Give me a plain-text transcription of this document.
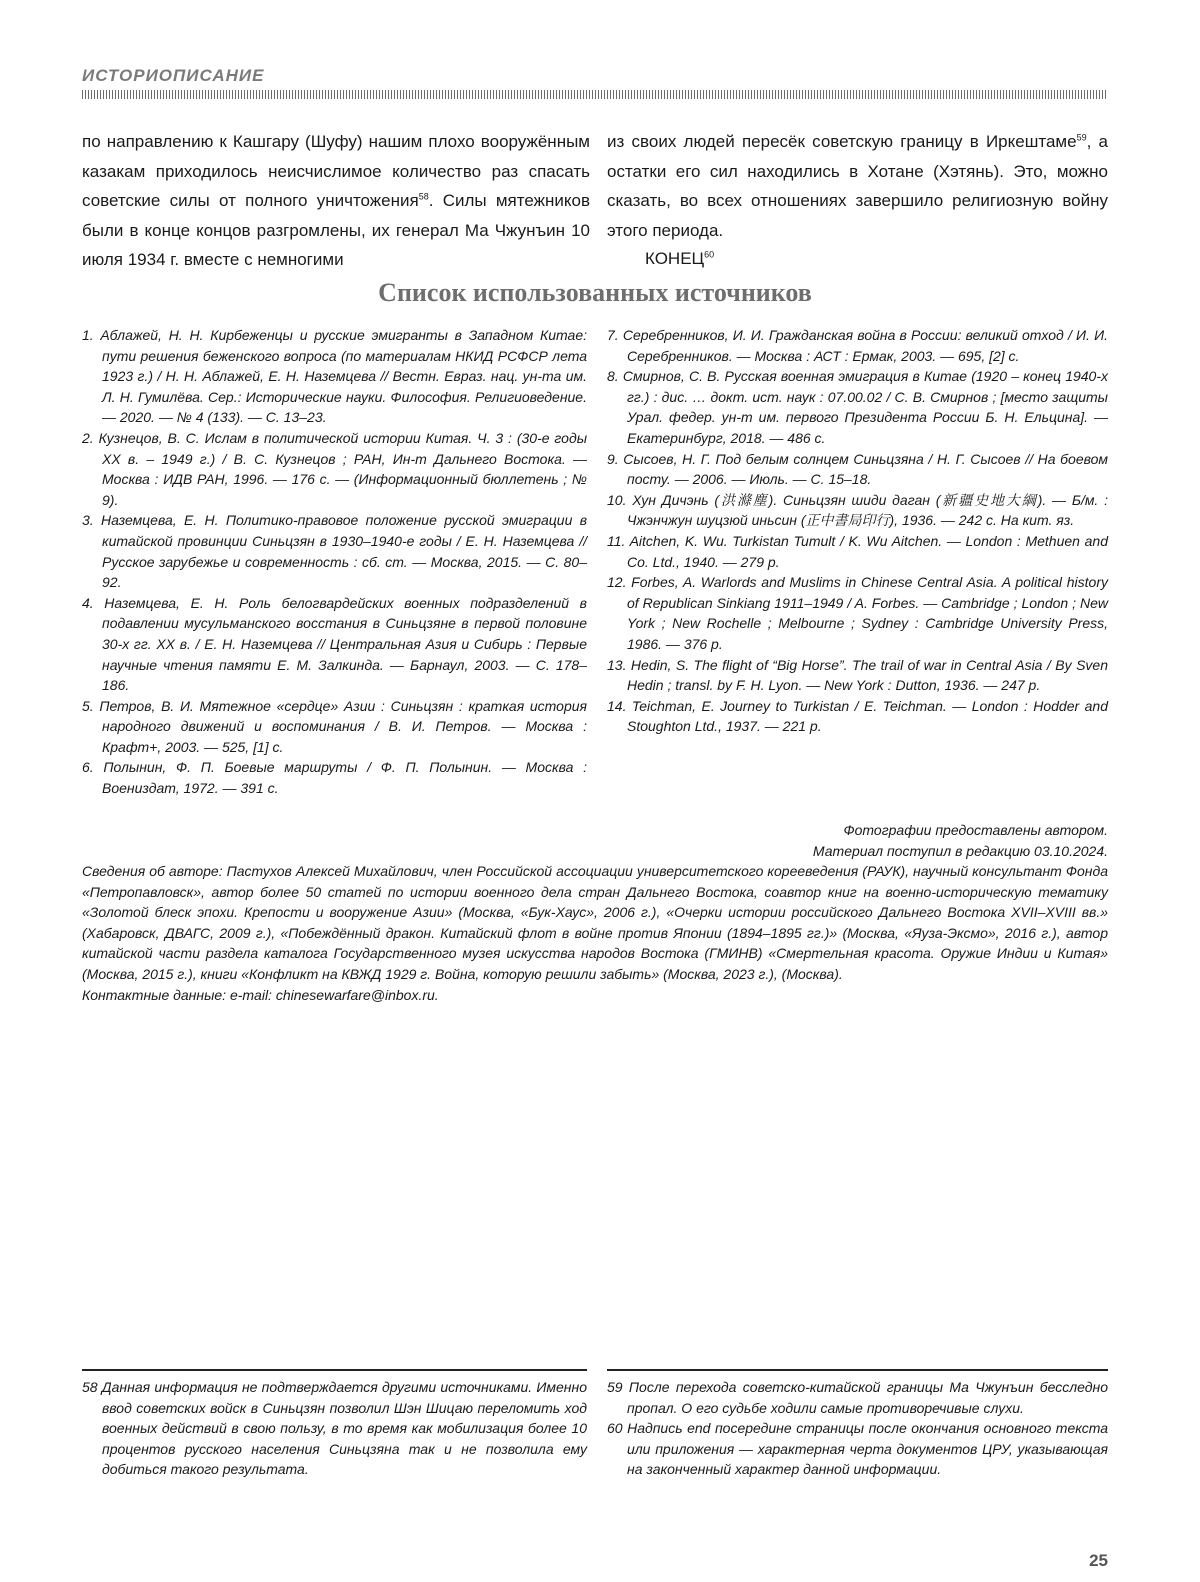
ИСТОРИОПИСАНИЕ

по направлению к Кашгару (Шуфу) нашим плохо вооружённым казакам приходилось неисчислимое количество раз спасать советские силы от полного уничтожения$^{58}$. Силы мятежников были в конце концов разгромлены, их генерал Ма Чжунъин 10 июля 1934 г. вместе с немногими

из своих людей пересёк советскую границу в Иркештаме$^{59}$, а остатки его сил находились в Хотане (Хэтянь). Это, можно сказать, во всех отношениях завершило религиозную войну этого периода.

КОНЕЦ$^{60}$
Список использованных источников
1. Аблажей, Н. Н. Кирбеженцы и русские эмигранты в Западном Китае: пути решения беженского вопроса (по материалам НКИД РСФСР лета 1923 г.) / Н. Н. Аблажей, Е. Н. Наземцева // Вестн. Евраз. нац. ун-та им. Л. Н. Гумилёва. Сер.: Исторические науки. Философия. Религиоведение. — 2020. — № 4 (133). — С. 13–23.
2. Кузнецов, В. С. Ислам в политической истории Китая. Ч. 3 : (30-е годы XX в. – 1949 г.) / В. С. Кузнецов ; РАН, Ин-т Дальнего Востока. — Москва : ИДВ РАН, 1996. — 176 с. — (Информационный бюллетень ; № 9).
3. Наземцева, Е. Н. Политико-правовое положение русской эмиграции в китайской провинции Синьцзян в 1930–1940-е годы / Е. Н. Наземцева // Русское зарубежье и современность : сб. ст. — Москва, 2015. — С. 80–92.
4. Наземцева, Е. Н. Роль белогвардейских военных подразделений в подавлении мусульманского восстания в Синьцзяне в первой половине 30-х гг. XX в. / Е. Н. Наземцева // Центральная Азия и Сибирь : Первые научные чтения памяти Е. М. Залкинда. — Барнаул, 2003. — С. 178–186.
5. Петров, В. И. Мятежное «сердце» Азии : Синьцзян : краткая история народного движений и воспоминания / В. И. Петров. — Москва : Крафт+, 2003. — 525, [1] с.
6. Полынин, Ф. П. Боевые маршруты / Ф. П. Полынин. — Москва : Воениздат, 1972. — 391 с.
7. Серебренников, И. И. Гражданская война в России: великий отход / И. И. Серебренников. — Москва : АСТ : Ермак, 2003. — 695, [2] с.
8. Смирнов, С. В. Русская военная эмиграция в Китае (1920 – конец 1940-х гг.) : дис. … докт. ист. наук : 07.00.02 / С. В. Смирнов ; [место защиты Урал. федер. ун-т им. первого Президента России Б. Н. Ельцина]. — Екатеринбург, 2018. — 486 с.
9. Сысоев, Н. Г. Под белым солнцем Синьцзяна / Н. Г. Сысоев // На боевом посту. — 2006. — Июль. — С. 15–18.
10. Хун Дичэнь (洪滌塵). Синьцзян шиди даган (新疆史地大綱). — Б/м. : Чжэнчжун шуцзюй иньсин (正中書局印行), 1936. — 242 с. На кит. яз.
11. Aitchen, K. Wu. Turkistan Tumult / K. Wu Aitchen. — London : Methuen and Co. Ltd., 1940. — 279 p.
12. Forbes, A. Warlords and Muslims in Chinese Central Asia. A political history of Republican Sinkiang 1911–1949 / A. Forbes. — Cambridge ; London ; New York ; New Rochelle ; Melbourne ; Sydney : Cambridge University Press, 1986. — 376 p.
13. Hedin, S. The flight of “Big Horse”. The trail of war in Central Asia / By Sven Hedin ; transl. by F. H. Lyon. — New York : Dutton, 1936. — 247 p.
14. Teichman, E. Journey to Turkistan / E. Teichman. — London : Hodder and Stoughton Ltd., 1937. — 221 p.
Фотографии предоставлены автором.
Материал поступил в редакцию 03.10.2024.

Сведения об авторе: Пастухов Алексей Михайлович, член Российской ассоциации университетского корееведения (РАУК), научный консультант Фонда «Петропавловск», автор более 50 статей по истории военного дела стран Дальнего Востока, соавтор книг на военно-историческую тематику «Золотой блеск эпохи. Крепости и вооружение Азии» (Москва, «Бук-Хаус», 2006 г.), «Очерки истории российского Дальнего Востока XVII–XVIII вв.» (Хабаровск, ДВАГС, 2009 г.), «Побеждённый дракон. Китайский флот в войне против Японии (1894–1895 гг.)» (Москва, «Яуза-Эксмо», 2016 г.), автор китайской части раздела каталога Государственного музея искусства народов Востока (ГМИНВ) «Смертельная красота. Оружие Индии и Китая» (Москва, 2015 г.), книги «Конфликт на КВЖД 1929 г. Война, которую решили забыть» (Москва, 2023 г.), (Москва).

Контактные данные: e-mail: chinesewarfare@inbox.ru.

58 Данная информация не подтверждается другими источниками. Именно ввод советских войск в Синьцзян позволил Шэн Шицаю переломить ход военных действий в свою пользу, в то время как мобилизация более 10 процентов русского населения Синьцзяна так и не позволила ему добиться такого результата.

59 После перехода советско-китайской границы Ма Чжунъин бесследно пропал. О его судьбе ходили самые противоречивые слухи.

60 Надпись end посередине страницы после окончания основного текста или приложения — характерная черта документов ЦРУ, указывающая на законченный характер данной информации.

25
